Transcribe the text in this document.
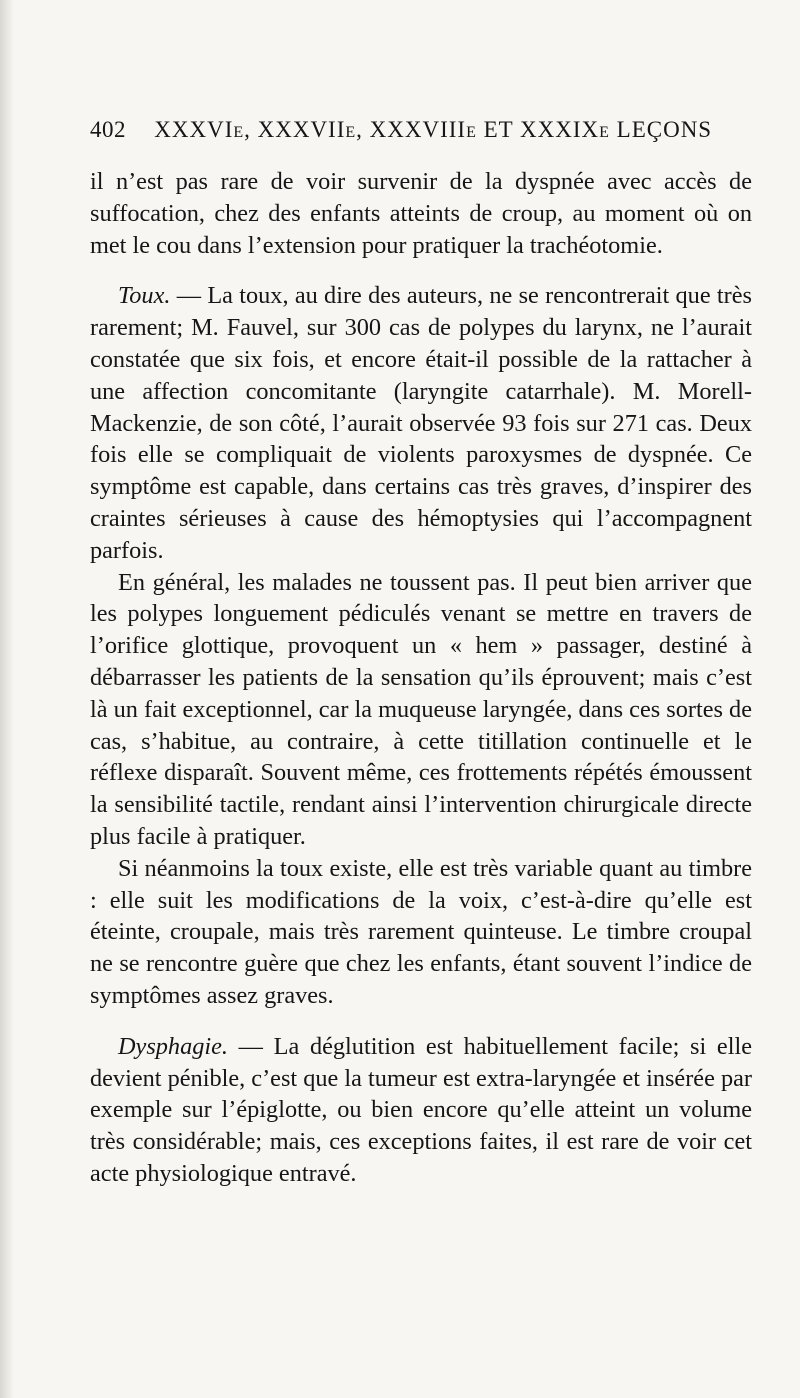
402 XXXVIe, XXXVIIe, XXXVIIIe ET XXXIXe LEÇONS

il n’est pas rare de voir survenir de la dyspnée avec accès de suffocation, chez des enfants atteints de croup, au moment où on met le cou dans l’extension pour pratiquer la trachéotomie.

Toux. — La toux, au dire des auteurs, ne se rencontrerait que très rarement; M. Fauvel, sur 300 cas de polypes du larynx, ne l’aurait constatée que six fois, et encore était-il possible de la rattacher à une affection concomitante (laryngite catarrhale). M. Morell-Mackenzie, de son côté, l’aurait observée 93 fois sur 271 cas. Deux fois elle se compliquait de violents paroxysmes de dyspnée. Ce symptôme est capable, dans certains cas très graves, d’inspirer des craintes sérieuses à cause des hémoptysies qui l’accompagnent parfois.

En général, les malades ne toussent pas. Il peut bien arriver que les polypes longuement pédiculés venant se mettre en travers de l’orifice glottique, provoquent un « hem » passager, destiné à débarrasser les patients de la sensation qu’ils éprouvent; mais c’est là un fait exceptionnel, car la muqueuse laryngée, dans ces sortes de cas, s’habitue, au contraire, à cette titillation continuelle et le réflexe disparaît. Souvent même, ces frottements répétés émoussent la sensibilité tactile, rendant ainsi l’intervention chirurgicale directe plus facile à pratiquer.

Si néanmoins la toux existe, elle est très variable quant au timbre : elle suit les modifications de la voix, c’est-à-dire qu’elle est éteinte, croupale, mais très rarement quinteuse. Le timbre croupal ne se rencontre guère que chez les enfants, étant souvent l’indice de symptômes assez graves.

Dysphagie. — La déglutition est habituellement facile; si elle devient pénible, c’est que la tumeur est extra-laryngée et insérée par exemple sur l’épiglotte, ou bien encore qu’elle atteint un volume très considérable; mais, ces exceptions faites, il est rare de voir cet acte physiologique entravé.
